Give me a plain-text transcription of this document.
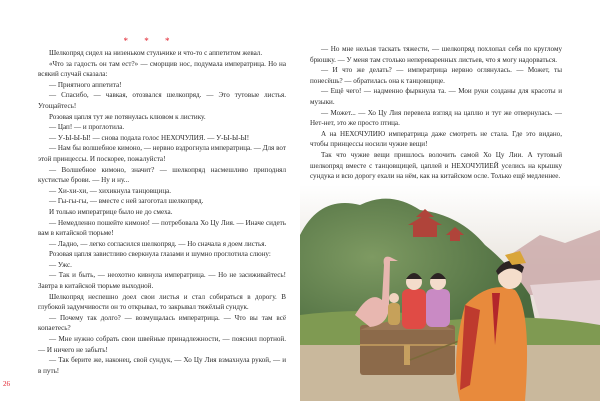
* * *

Шелкопряд сидел на низеньком стульчике и что-то с аппетитом жевал.

«Что за гадость он там ест?» — сморщив нос, подумала императрица. Но на всякий случай сказала:

— Приятного аппетита!

— Спасибо, — чавкая, отозвался шелкопряд. — Это тутовые листья. Угощайтесь!

Розовая цапля тут же потянулась клювом к листику.

— Цап! — и проглотила.

— У-Ы-Ы-Ы! — снова подала голос НЕХОЧУЛИЯ. — У-Ы-Ы-Ы!

— Нам бы волшебное кимоно, — нервно вздрогнула императрица. — Для вот этой принцессы. И поскорее, пожалуйста!

— Волшебное кимоно, значит? — шелкопряд насмешливо приподнял кустистые брови. — Ну и ну...

— Хи-хи-хи, — хихикнула танцовщица.

— Гы-гы-гы, — вместе с ней загоготал шелкопряд.

И только императрице было не до смеха.

— Немедленно пошейте кимоно! — потребовала Хо Цу Лия. — Иначе сидеть вам в китайской тюрьме!

— Ладно, — легко согласился шелкопряд. — Но сначала я доем листья.

Розовая цапля завистливо сверкнула глазами и шумно проглотила слюну:

— Ужс.

— Так и быть, — неохотно кивнула императрица. — Но не засиживайтесь! Завтра в китайской тюрьме выходной.

Шелкопряд неспешно доел свои листья и стал собираться в дорогу. В глубокой задумчивости он то открывал, то закрывал тяжёлый сундук.

— Почему так долго? — возмущалась императрица. — Что вы там всё копаетесь?

— Мне нужно собрать свои швейные принадлежности, — пояснил портной. — И ничего не забыть!

— Так берите же, наконец, свой сундук, — Хо Цу Лия взмахнула рукой, — и в путь!

26

— Но мне нельзя таскать тяжести, — шелкопряд похлопал себя по круглому брюшку. — У меня там столько непереваренных листьев, что я могу надорваться.

— И что же делать? — императрица нервно оглянулась. — Может, ты понесёшь? — обратилась она к танцовщице.

— Ещё чего! — надменно фыркнула та. — Мои руки созданы для красоты и музыки.

— Может... — Хо Цу Лия перевела взгляд на цаплю и тут же отвернулась. — Нет-нет, это же просто птица.

А на НЕХОЧУЛИЮ императрица даже смотреть не стала. Где это видано, чтобы принцессы носили чужие вещи!

Так что чужие вещи пришлось волочить самой Хо Цу Лии. А тутовый шелкопряд вместе с танцовщицей, цаплей и НЕХОЧУЛИЕЙ уселись на крышку сундука и всю дорогу ехали на нём, как на китайском осле. Только ещё медленнее.
